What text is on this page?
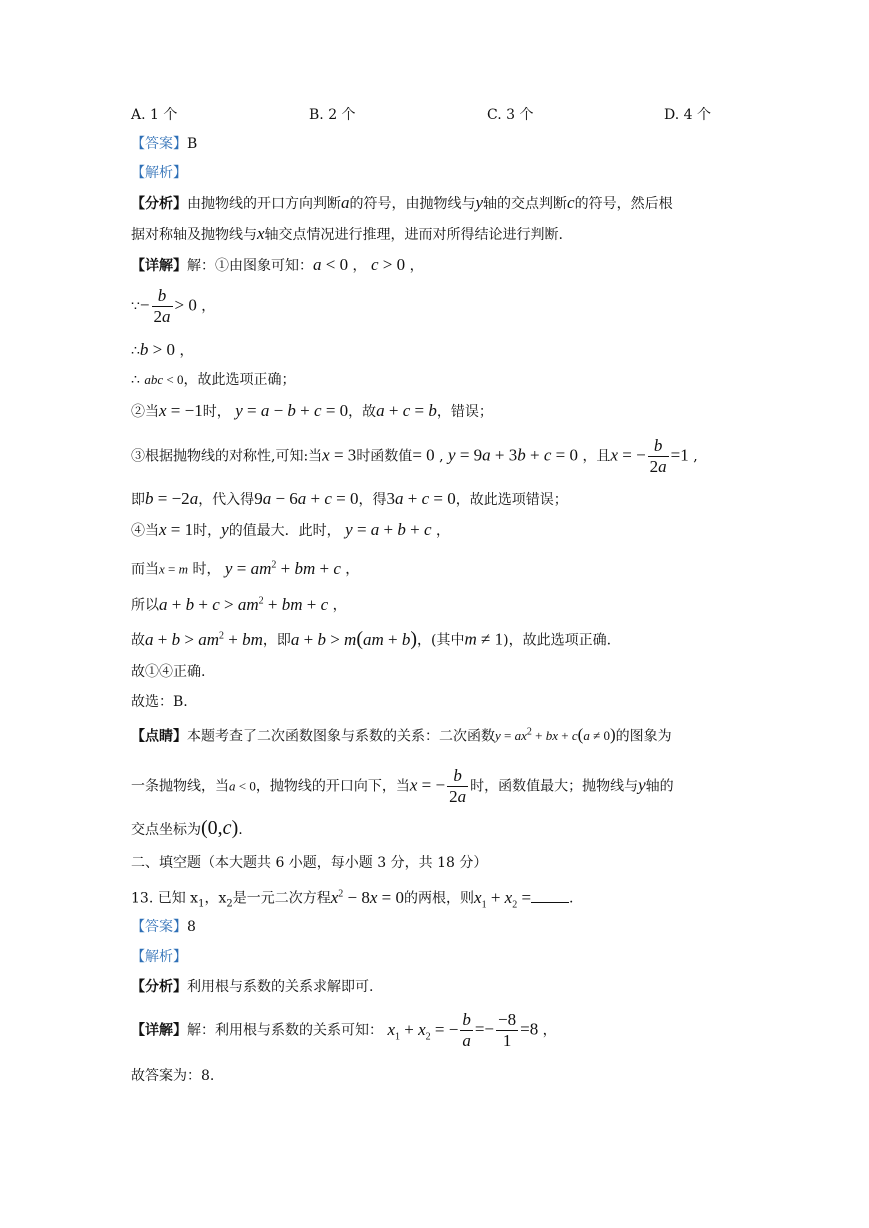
A. 1 个	B. 2 个	C. 3 个	D. 4 个
【答案】B
【解析】
【分析】由抛物线的开口方向判断a的符号，由抛物线与y轴的交点判断c的符号，然后根
据对称轴及抛物线与x轴交点情况进行推理，进而对所得结论进行判断.
【详解】解：①由图象可知：a < 0 ， c > 0 ，
∵− $\frac{b}{2a} > 0$ ，
∴b > 0 ，
∴ abc < 0，故此选项正确；
②当x = −1时， y = a − b + c = 0，故a + c = b，错误；
③根据抛物线的对称性,可知:当x = 3时函数值= 0 , y = 9a + 3b + c = 0 ，且x = − $\frac{b}{2a} =1$ ,
即b = −2a，代入得9a − 6a + c = 0，得3a + c = 0，故此选项错误；
④当x = 1时，y的值最大．此时， y = a + b + c ，
而当x = m 时， $y = am^2$ + bm + c ，
所以$a + b + c > am^2$ + bm + c ，
故$a + b > am^2$ + bm，即a + b > m(am + b)，(其中m ≠ 1)，故此选项正确.
故①④正确.
故选：B.
【点睛】本题考查了二次函数图象与系数的关系：二次函数$y = ax^2$ + bx + c(a ≠ 0)的图象为
一条抛物线，当a < 0，抛物线的开口向下，当x = − $\frac{b}{2a}$ 时，函数值最大；抛物线与y轴的
交点坐标为(0,c).
二、填空题（本大题共 6 小题，每小题 3 分，共 18 分）
13. 已知 $x_1$，$x_2$是一元二次方程$x^2 - 8x = 0$的两根，则$x_1 + x_2$ =	.
【答案】8
【解析】
【分析】利用根与系数的关系求解即可.
【详解】解：利用根与系数的关系可知： $x_1 + x_2$ = − $\frac{b}{a} =- \frac{-8}{1} =8$ ，
故答案为：8.
